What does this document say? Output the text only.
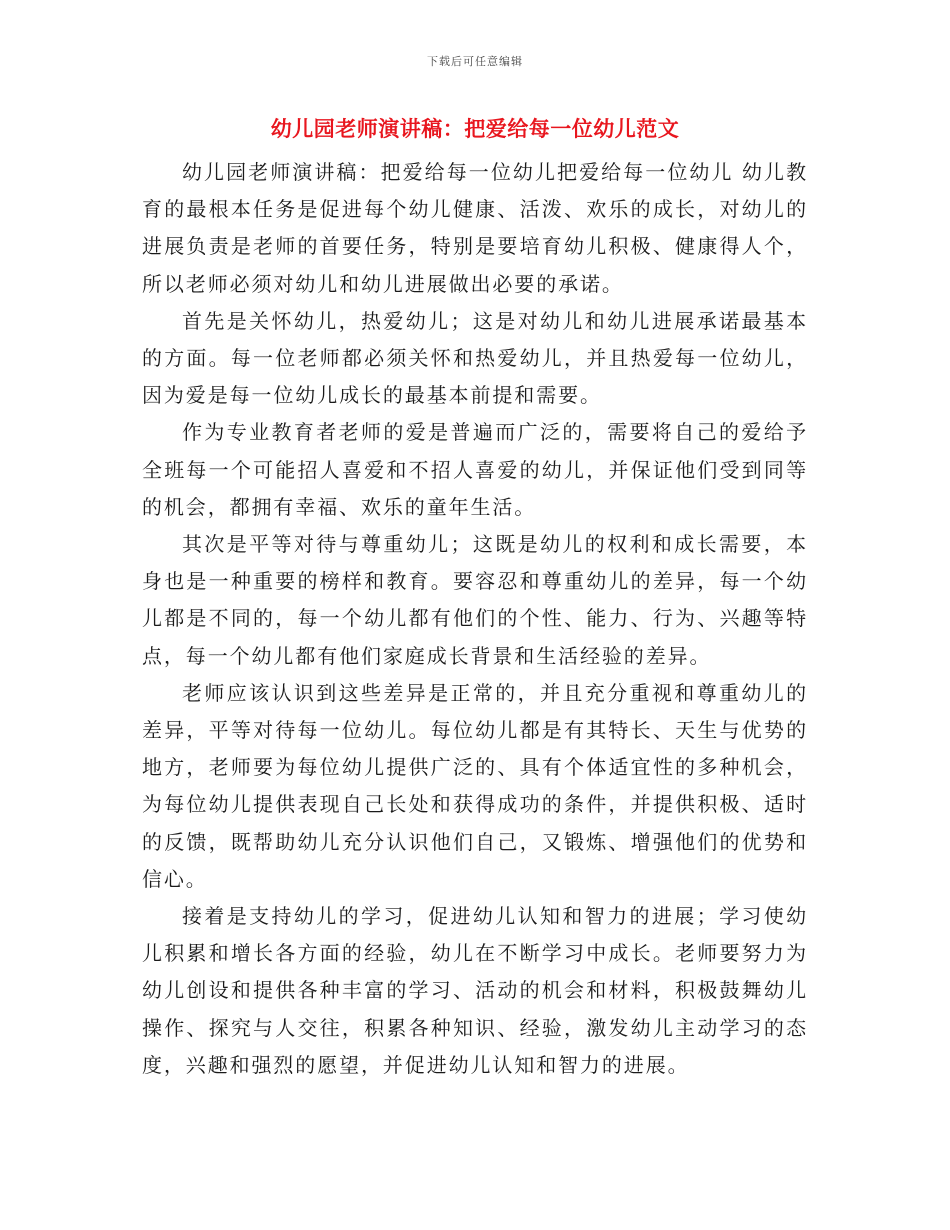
下载后可任意编辑
幼儿园老师演讲稿：把爱给每一位幼儿范文

幼儿园老师演讲稿：把爱给每一位幼儿把爱给每一位幼儿 幼儿教育的最根本任务是促进每个幼儿健康、活泼、欢乐的成长，对幼儿的进展负责是老师的首要任务，特别是要培育幼儿积极、健康得人个，所以老师必须对幼儿和幼儿进展做出必要的承诺。

首先是关怀幼儿，热爱幼儿；这是对幼儿和幼儿进展承诺最基本的方面。每一位老师都必须关怀和热爱幼儿，并且热爱每一位幼儿，因为爱是每一位幼儿成长的最基本前提和需要。

作为专业教育者老师的爱是普遍而广泛的，需要将自己的爱给予全班每一个可能招人喜爱和不招人喜爱的幼儿，并保证他们受到同等的机会，都拥有幸福、欢乐的童年生活。

其次是平等对待与尊重幼儿；这既是幼儿的权利和成长需要，本身也是一种重要的榜样和教育。要容忍和尊重幼儿的差异，每一个幼儿都是不同的，每一个幼儿都有他们的个性、能力、行为、兴趣等特点，每一个幼儿都有他们家庭成长背景和生活经验的差异。

老师应该认识到这些差异是正常的，并且充分重视和尊重幼儿的差异，平等对待每一位幼儿。每位幼儿都是有其特长、天生与优势的地方，老师要为每位幼儿提供广泛的、具有个体适宜性的多种机会，为每位幼儿提供表现自己长处和获得成功的条件，并提供积极、适时的反馈，既帮助幼儿充分认识他们自己，又锻炼、增强他们的优势和信心。

接着是支持幼儿的学习，促进幼儿认知和智力的进展；学习使幼儿积累和增长各方面的经验，幼儿在不断学习中成长。老师要努力为幼儿创设和提供各种丰富的学习、活动的机会和材料，积极鼓舞幼儿操作、探究与人交往，积累各种知识、经验，激发幼儿主动学习的态度，兴趣和强烈的愿望，并促进幼儿认知和智力的进展。
